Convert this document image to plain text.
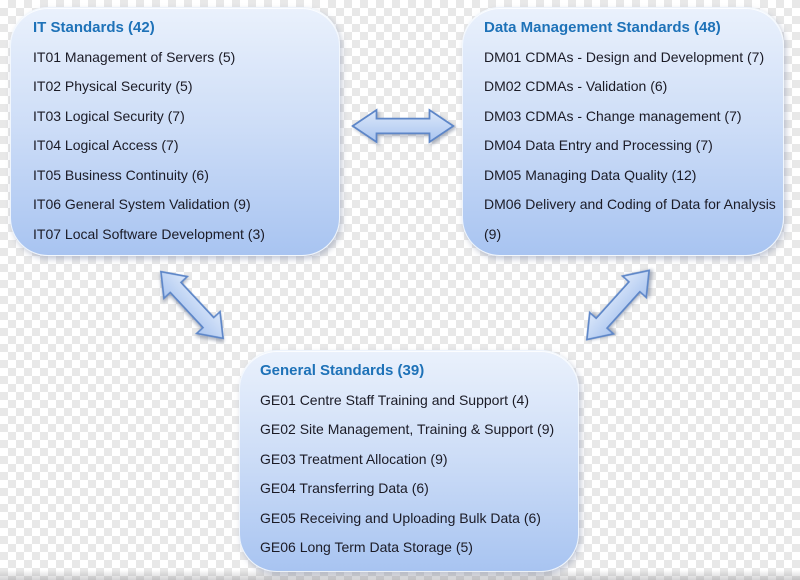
IT Standards (42)
IT01 Management of Servers (5)
IT02 Physical Security (5)
IT03 Logical Security (7)
IT04 Logical Access (7)
IT05 Business Continuity (6)
IT06 General System Validation (9)
IT07 Local Software Development (3)
Data Management Standards (48)
DM01 CDMAs - Design and Development (7)
DM02 CDMAs - Validation (6)
DM03 CDMAs - Change management (7)
DM04 Data Entry and Processing (7)
DM05 Managing Data Quality (12)
DM06 Delivery and Coding of Data for Analysis (9)
General Standards (39)
GE01 Centre Staff Training and Support (4)
GE02 Site Management, Training & Support (9)
GE03 Treatment Allocation (9)
GE04 Transferring Data (6)
GE05 Receiving and Uploading Bulk Data (6)
GE06 Long Term Data Storage (5)
